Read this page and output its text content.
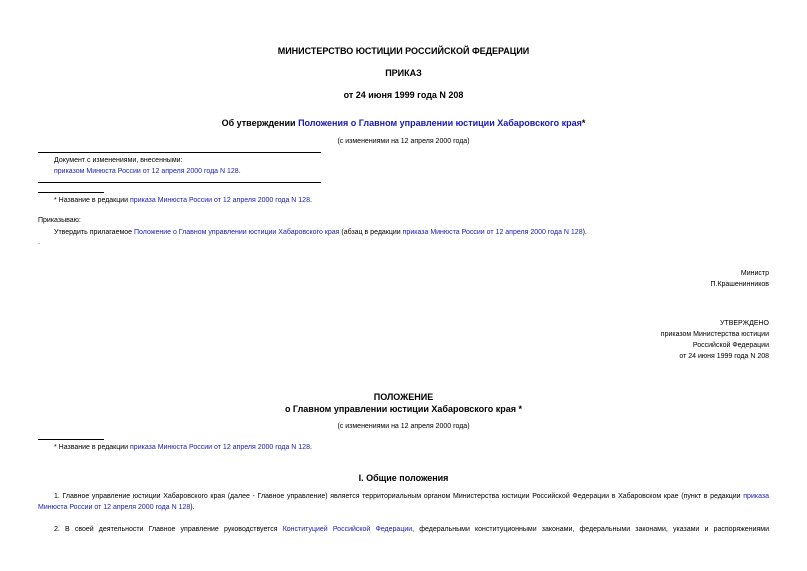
МИНИСТЕРСТВО ЮСТИЦИИ РОССИЙСКОЙ ФЕДЕРАЦИИ
ПРИКАЗ
от 24 июня 1999 года N 208
Об утверждении Положения о Главном управлении юстиции Хабаровского края*
(с изменениями на 12 апреля 2000 года)
Документ с изменениями, внесенными:
приказом Минюста России от 12 апреля 2000 года N 128.
* Название в редакции приказа Минюста России от 12 апреля 2000 года N 128.
Приказываю:
Утвердить прилагаемое Положение о Главном управлении юстиции Хабаровского края (абзац в редакции приказа Минюста России от 12 апреля 2000 года N 128).
.
Министр
П.Крашенинников
УТВЕРЖДЕНО
приказом Министерства юстиции
Российской Федерации
от 24 июня 1999 года N 208
ПОЛОЖЕНИЕ
о Главном управлении юстиции Хабаровского края *
(с изменениями на 12 апреля 2000 года)
* Название в редакции приказа Минюста России от 12 апреля 2000 года N 128.
I. Общие положения
1. Главное управление юстиции Хабаровского края (далее - Главное управление) является территориальным органом Министерства юстиции Российской Федерации в Хабаровском крае (пункт в редакции приказа Минюста России от 12 апреля 2000 года N 128).
2. В своей деятельности Главное управление руководствуется Конституцией Российской Федерации, федеральными конституционными законами, федеральными законами, указами и распоряжениями
